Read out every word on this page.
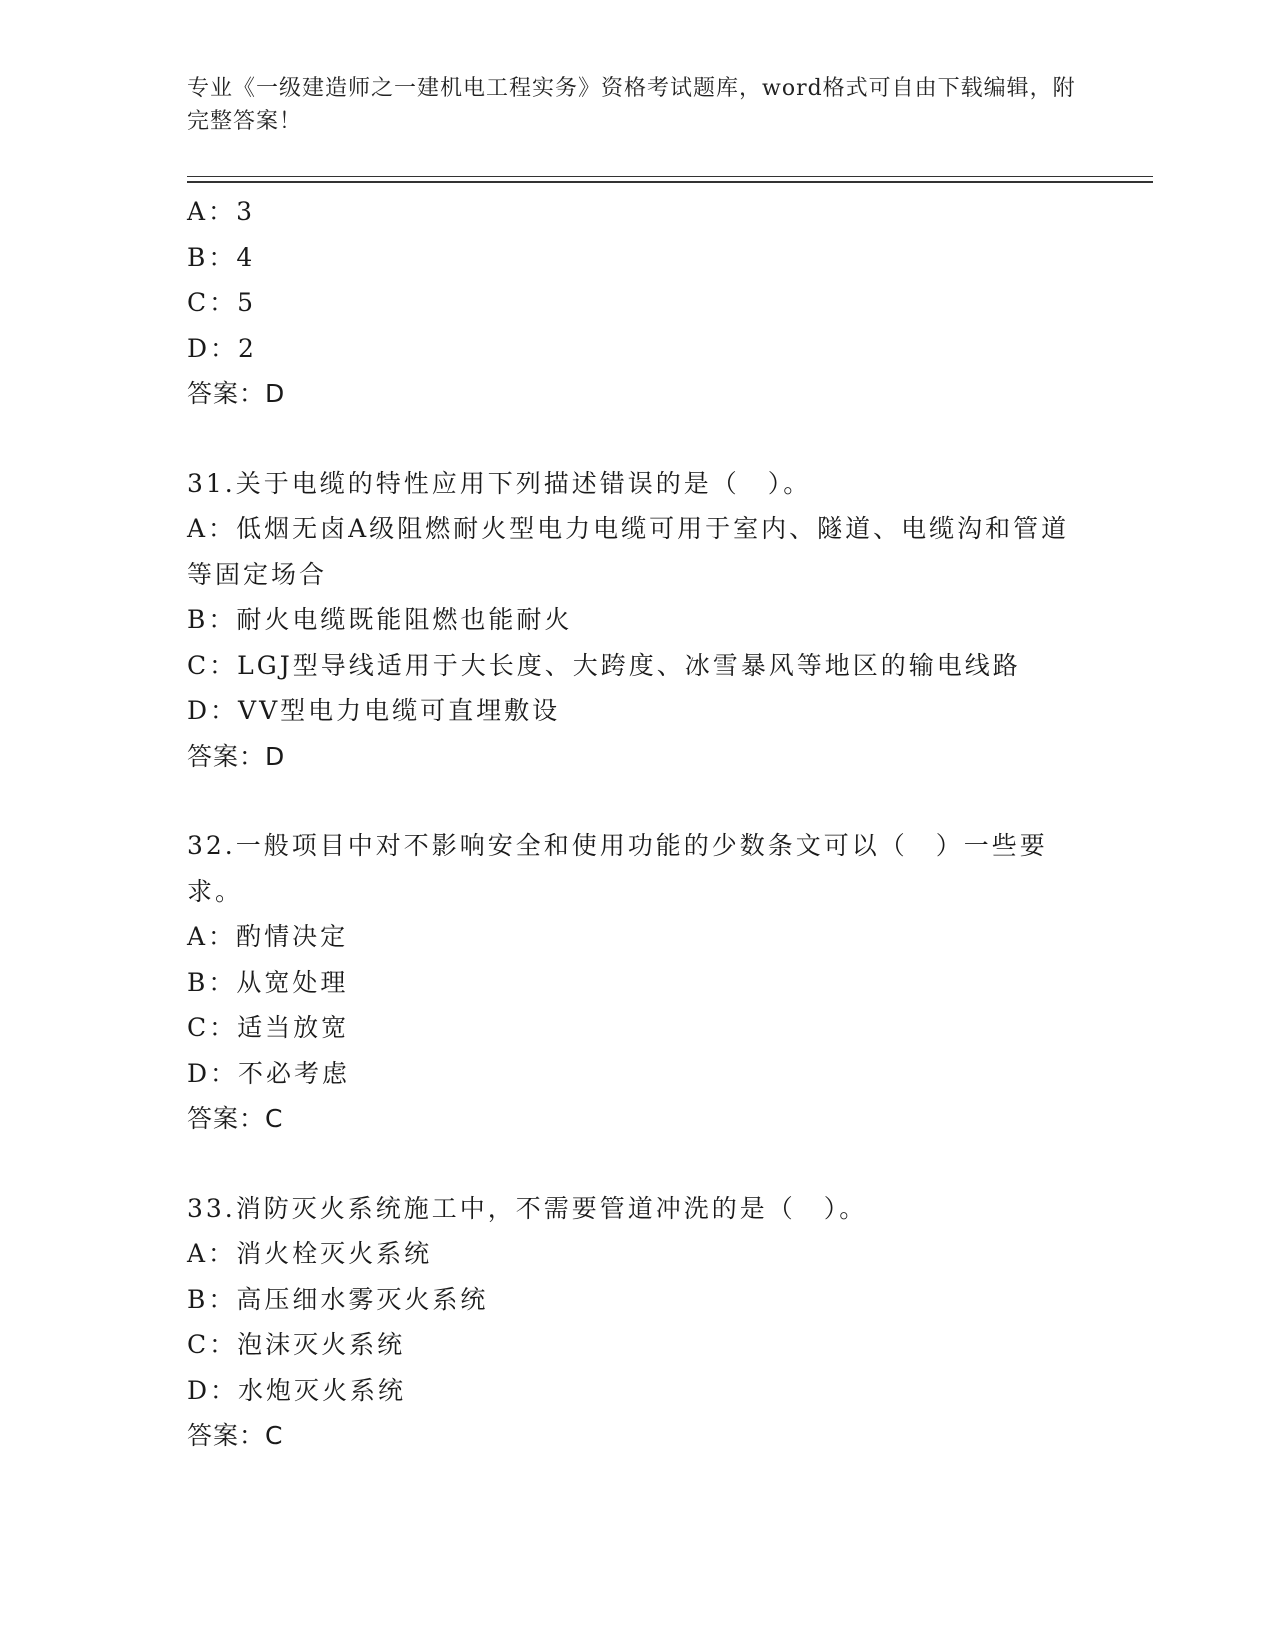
专业《一级建造师之一建机电工程实务》资格考试题库，word格式可自由下载编辑，附完整答案！
A：3
B：4
C：5
D：2
答案：D
31.关于电缆的特性应用下列描述错误的是（　）。
A：低烟无卤A级阻燃耐火型电力电缆可用于室内、隧道、电缆沟和管道等固定场合
B：耐火电缆既能阻燃也能耐火
C：LGJ型导线适用于大长度、大跨度、冰雪暴风等地区的输电线路
D：VV型电力电缆可直埋敷设
答案：D
32.一般项目中对不影响安全和使用功能的少数条文可以（　）一些要求。
A：酌情决定
B：从宽处理
C：适当放宽
D：不必考虑
答案：C
33.消防灭火系统施工中，不需要管道冲洗的是（　）。
A：消火栓灭火系统
B：高压细水雾灭火系统
C：泡沫灭火系统
D：水炮灭火系统
答案：C
